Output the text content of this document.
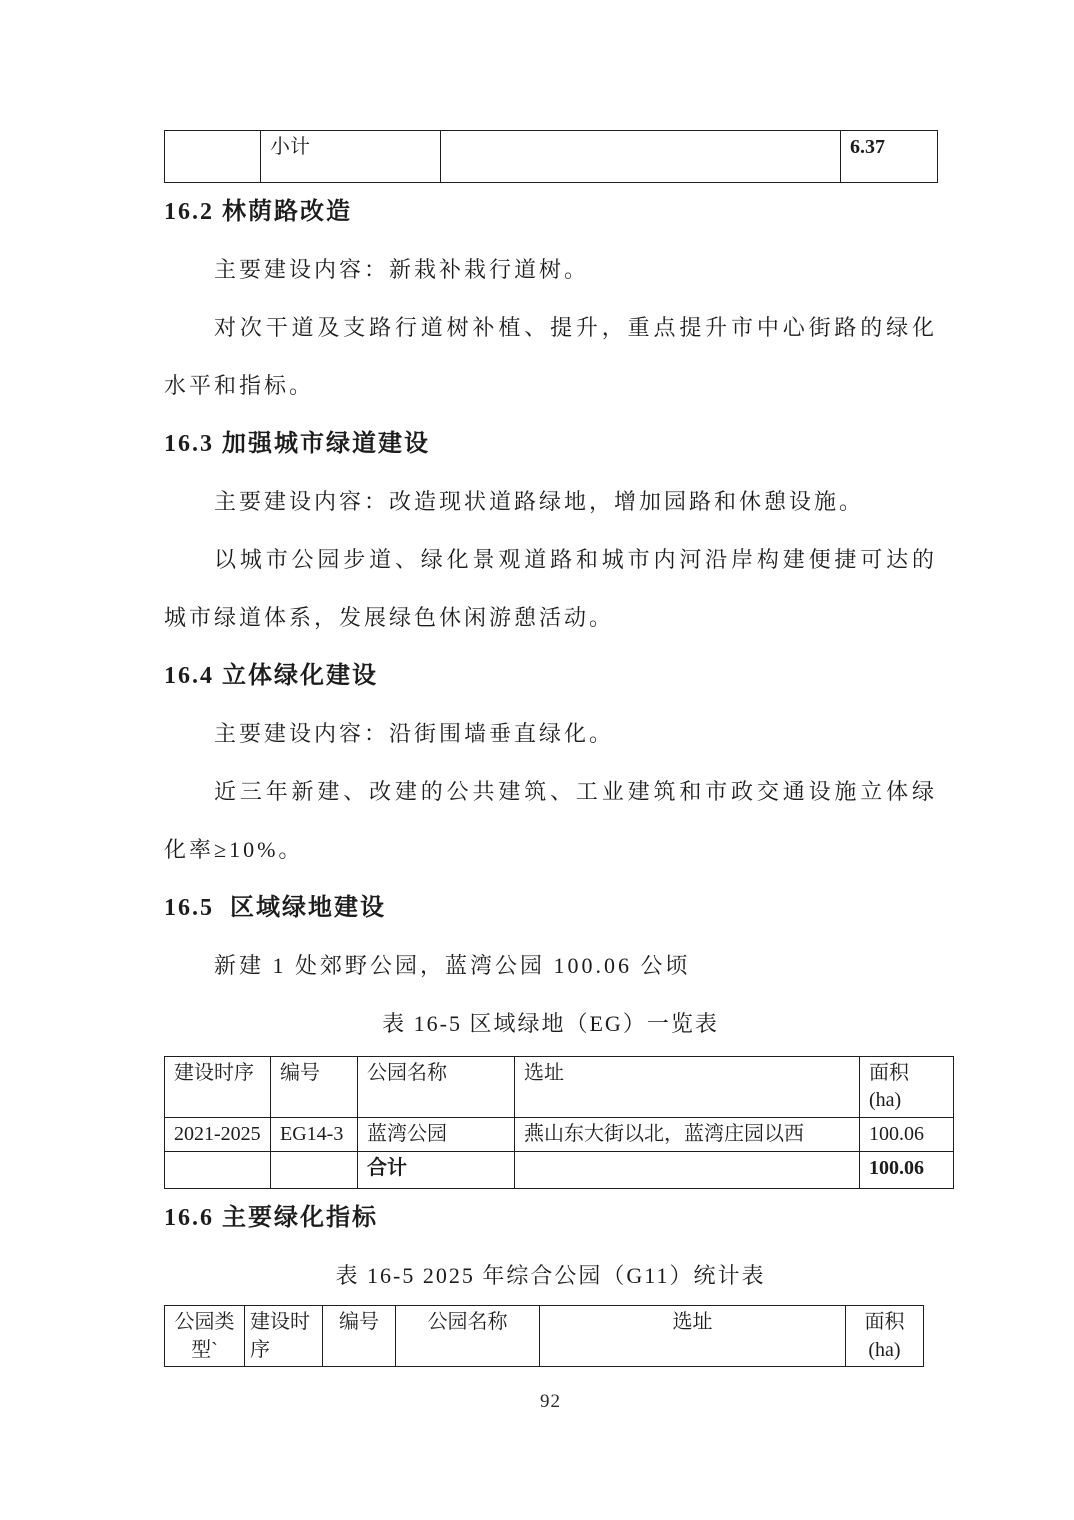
	小计		6.37
16.2 林荫路改造

主要建设内容：新栽补栽行道树。

对次干道及支路行道树补植、提升，重点提升市中心街路的绿化水平和指标。

16.3 加强城市绿道建设

主要建设内容：改造现状道路绿地，增加园路和休憩设施。

以城市公园步道、绿化景观道路和城市内河沿岸构建便捷可达的城市绿道体系，发展绿色休闲游憩活动。

16.4 立体绿化建设

主要建设内容：沿街围墙垂直绿化。

近三年新建、改建的公共建筑、工业建筑和市政交通设施立体绿化率≥10%。

16.5  区域绿地建设

新建 1 处郊野公园，蓝湾公园 100.06 公顷

表 16-5 区域绿地（EG）一览表

建设时序	编号	公园名称	选址	面积
(ha)

2021-2025	EG14-3	蓝湾公园	燕山东大街以北，蓝湾庄园以西	100.06
		合计		100.06
16.6 主要绿化指标

表 16-5 2025 年综合公园（G11）统计表

公园类型`	建设时序	编号	公园名称	选址	面积
(ha)
92
